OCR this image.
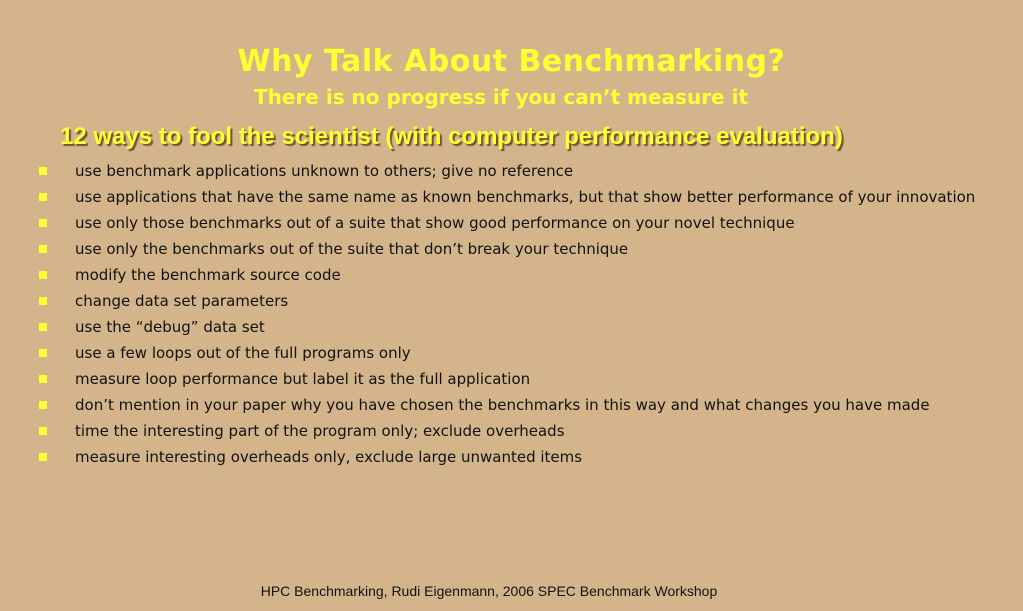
Why Talk About Benchmarking?
There is no progress if you can’t measure it
12 ways to fool the scientist (with computer performance evaluation)
use benchmark applications unknown to others; give no reference
use applications that have the same name as known benchmarks, but that show better performance of your innovation
use only those benchmarks out of a suite that show good performance on your novel technique
use only the benchmarks out of the suite that don’t break your technique
modify the benchmark source code
change data set parameters
use the “debug” data set
use a few loops out of the full programs only
measure loop performance but label it as the full application
don’t mention in your paper why you have chosen the benchmarks in this way and what changes you have made
time the interesting part of the program only; exclude overheads
measure interesting overheads only, exclude large unwanted items
HPC Benchmarking, Rudi Eigenmann, 2006 SPEC Benchmark Workshop
